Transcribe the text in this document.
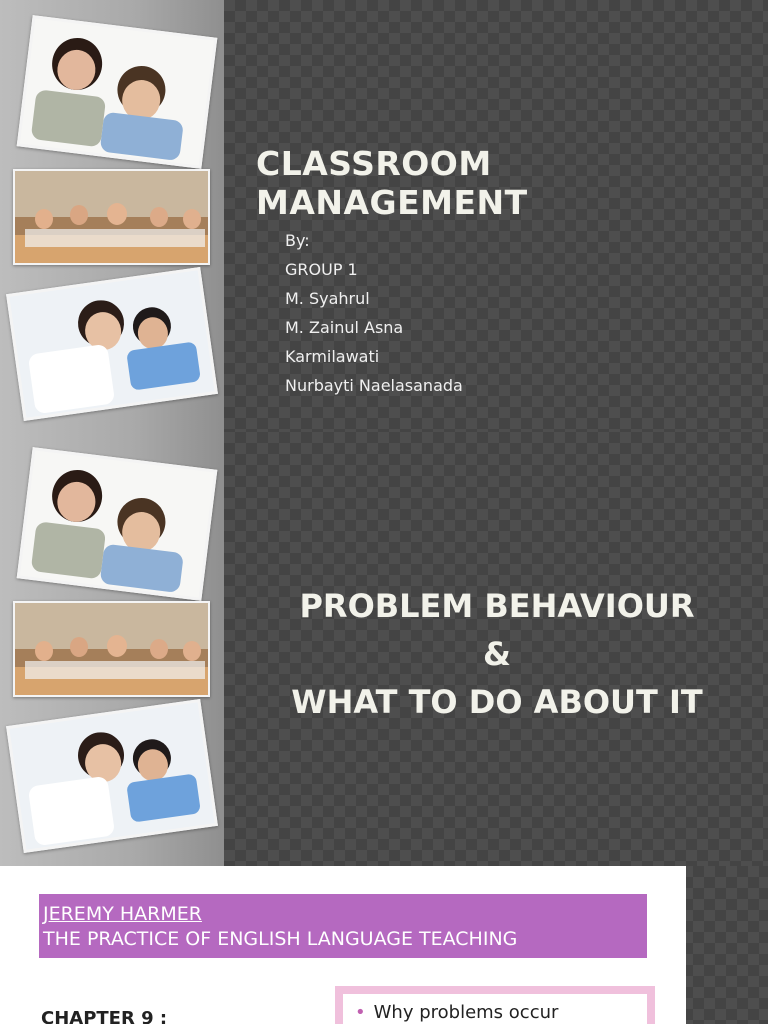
CLASSROOM MANAGEMENT
By:
GROUP 1
M. Syahrul
M. Zainul Asna
Karmilawati
Nurbayti Naelasanada
PROBLEM BEHAVIOUR
&
WHAT TO DO ABOUT IT
JEREMY HARMER
THE PRACTICE OF ENGLISH LANGUAGE TEACHING
CHAPTER 9 :	• Why problems occur
